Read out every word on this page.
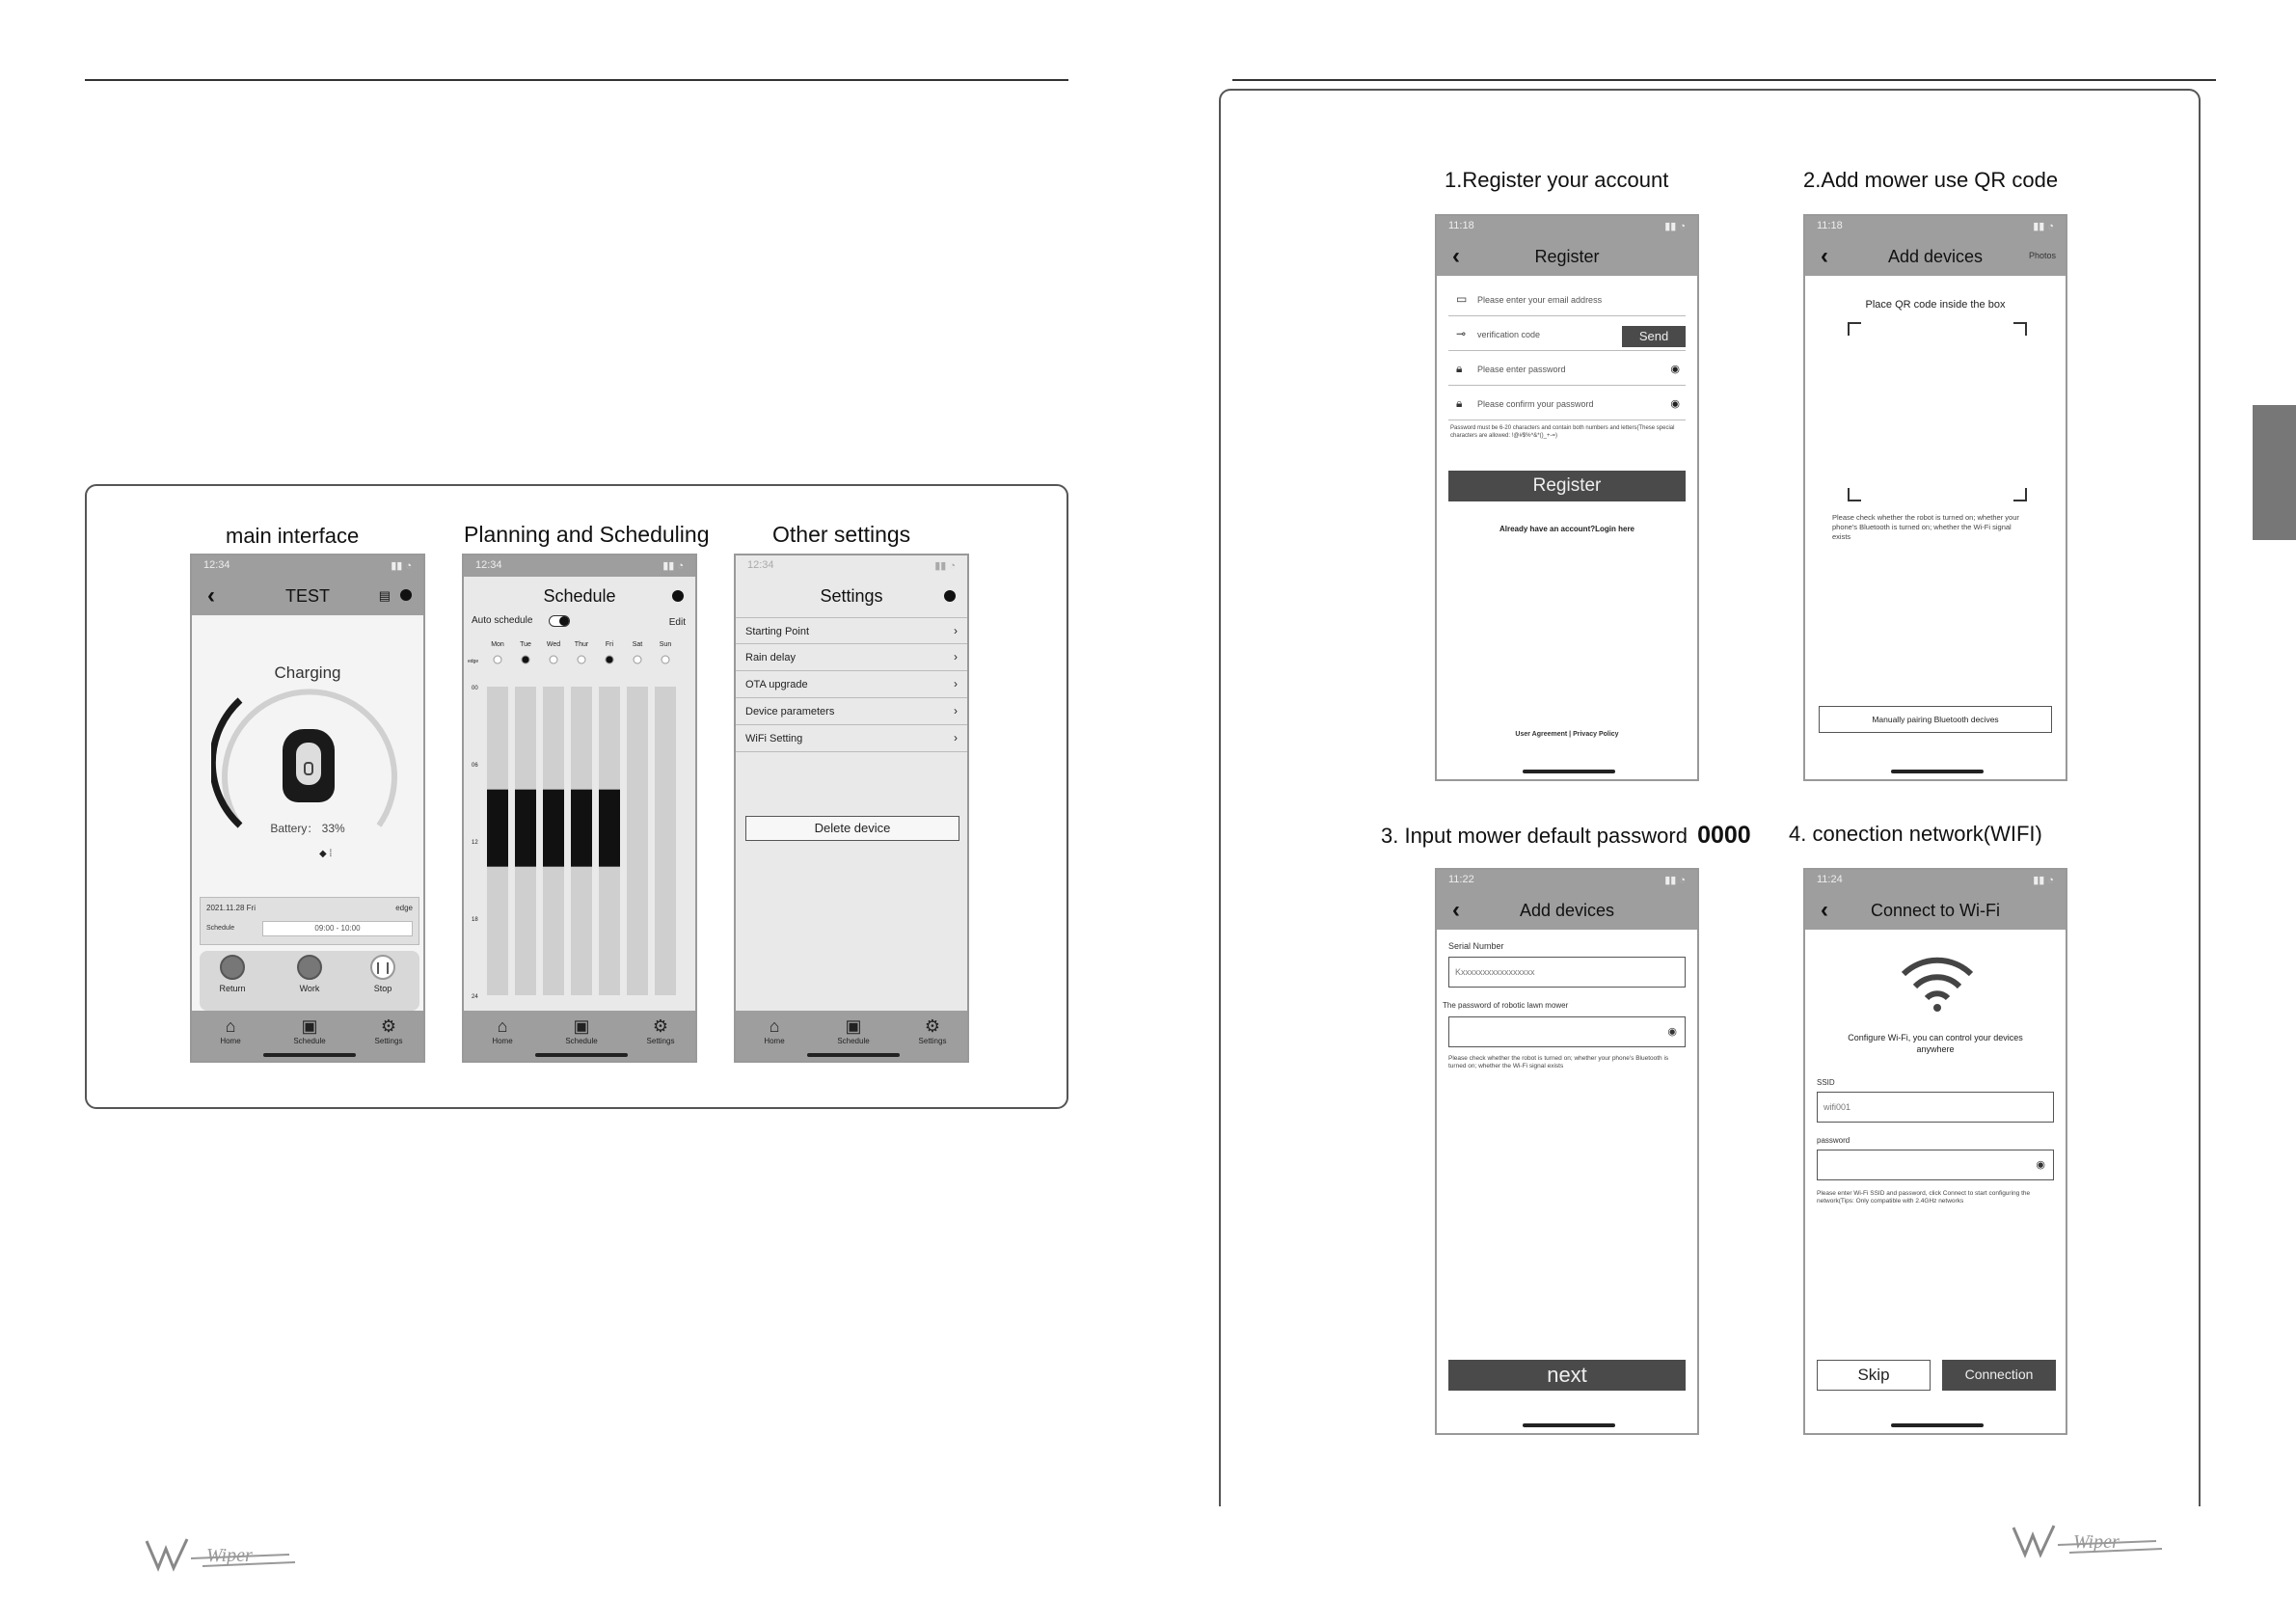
main interface	Planning and Scheduling	Other settings
12:34	▮▮ ◔
‹	TEST	▤
Charging
Battery： 33%
◆ ⁞
2021.11.28 Fri	edge
Schedule	09:00 - 10:00
Return	Work
❙❙
Stop
⌂
Home
▣
Schedule
⚙
Settings
12:34	▮▮ ◔
Schedule
Auto schedule	Edit
Mon Tue Wed Thur	Fri	Sat	Sun
edge
00
06
12
18
24
⌂
Home
▣
Schedule
⚙
Settings
12:34	▮▮ ◔
Settings
Starting Point	›
Rain delay	›
OTA upgrade	›
Device parameters	›
WiFi Setting	›
Delete device
⌂
Home
▣
Schedule
⚙
Settings
Wiper
1.Register your account	2.Add mower use QR code
3. Input mower default password 0000 4. conection network(WIFI)
11:18	▮▮ ◔
‹	Register
▭ Please enter your email address
⊸ verification code	Send
🔒︎ Please enter password	◉
🔒︎ Please confirm your password	◉
Password must be 6-20 characters and contain both numbers and letters(These special characters are allowed: !@#$%^&*()_+-=)
Register
Already have an account?Login here
User Agreement | Privacy Policy
11:18	▮▮ ◔
‹	Add devices	Photos
Place QR code inside the box
Please check whether the robot is turned on; whether your phone's Bluetooth is turned on; whether the Wi-Fi signal exists
Manually pairing Bluetooth decives
11:22	▮▮ ◔
‹	Add devices
Serial Number
Kxxxxxxxxxxxxxxxxx
The password of robotic lawn mower
◉
Please check whether the robot is turned on; whether your phone's Bluetooth is turned on; whether the Wi-Fi signal exists
next
11:24	▮▮ ◔
‹	Connect to Wi-Fi
Configure Wi-Fi, you can control your devices anywhere
SSID
wifi001
password
◉
Please enter Wi-Fi SSID and password, click Connect to start configuring the network(Tips: Only compatible with 2.4GHz networks
Skip	Connection
Wiper
